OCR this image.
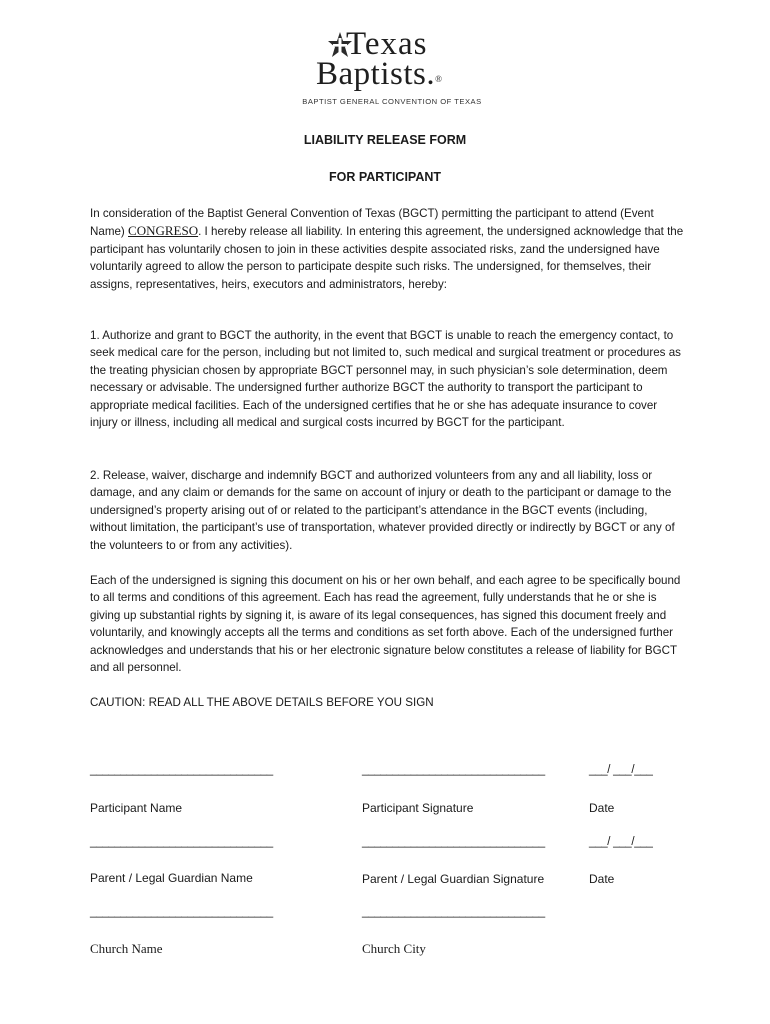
Texas
Baptists.®
BAPTIST GENERAL CONVENTION OF TEXAS
LIABILITY RELEASE FORM
FOR PARTICIPANT
In consideration of the Baptist General Convention of Texas (BGCT) permitting the participant to attend (Event Name) CONGRESO. I hereby release all liability. In entering this agreement, the undersigned acknowledge that the participant has voluntarily chosen to join in these activities despite associated risks, zand the undersigned have voluntarily agreed to allow the person to participate despite such risks. The undersigned, for themselves, their assigns, representatives, heirs, executors and administrators, hereby:
1. Authorize and grant to BGCT the authority, in the event that BGCT is unable to reach the emergency contact, to seek medical care for the person, including but not limited to, such medical and surgical treatment or procedures as the treating physician chosen by appropriate BGCT personnel may, in such physician’s sole determination, deem necessary or advisable. The undersigned further authorize BGCT the authority to transport the participant to appropriate medical facilities. Each of the undersigned certifies that he or she has adequate insurance to cover injury or illness, including all medical and surgical costs incurred by BGCT for the participant.
2. Release, waiver, discharge and indemnify BGCT and authorized volunteers from any and all liability, loss or damage, and any claim or demands for the same on account of injury or death to the participant or damage to the undersigned’s property arising out of or related to the participant’s attendance in the BGCT events (including, without limitation, the participant’s use of transportation, whatever provided directly or indirectly by BGCT or any of the volunteers to or from any activities).
Each of the undersigned is signing this document on his or her own behalf, and each agree to be specifically bound to all terms and conditions of this agreement. Each has read the agreement, fully understands that he or she is giving up substantial rights by signing it, is aware of its legal consequences, has signed this document freely and voluntarily, and knowingly accepts all the terms and conditions as set forth above. Each of the undersigned further acknowledges and understands that his or her electronic signature below constitutes a release of liability for BGCT and all personnel.
CAUTION: READ ALL THE ABOVE DETAILS BEFORE YOU SIGN
______________________________	______________________________	___/ ___/___
Participant Name	Participant Signature	Date
______________________________	______________________________	___/ ___/___
Parent / Legal Guardian Name	Parent / Legal Guardian Signature	Date
______________________________	______________________________
Church Name	Church City
